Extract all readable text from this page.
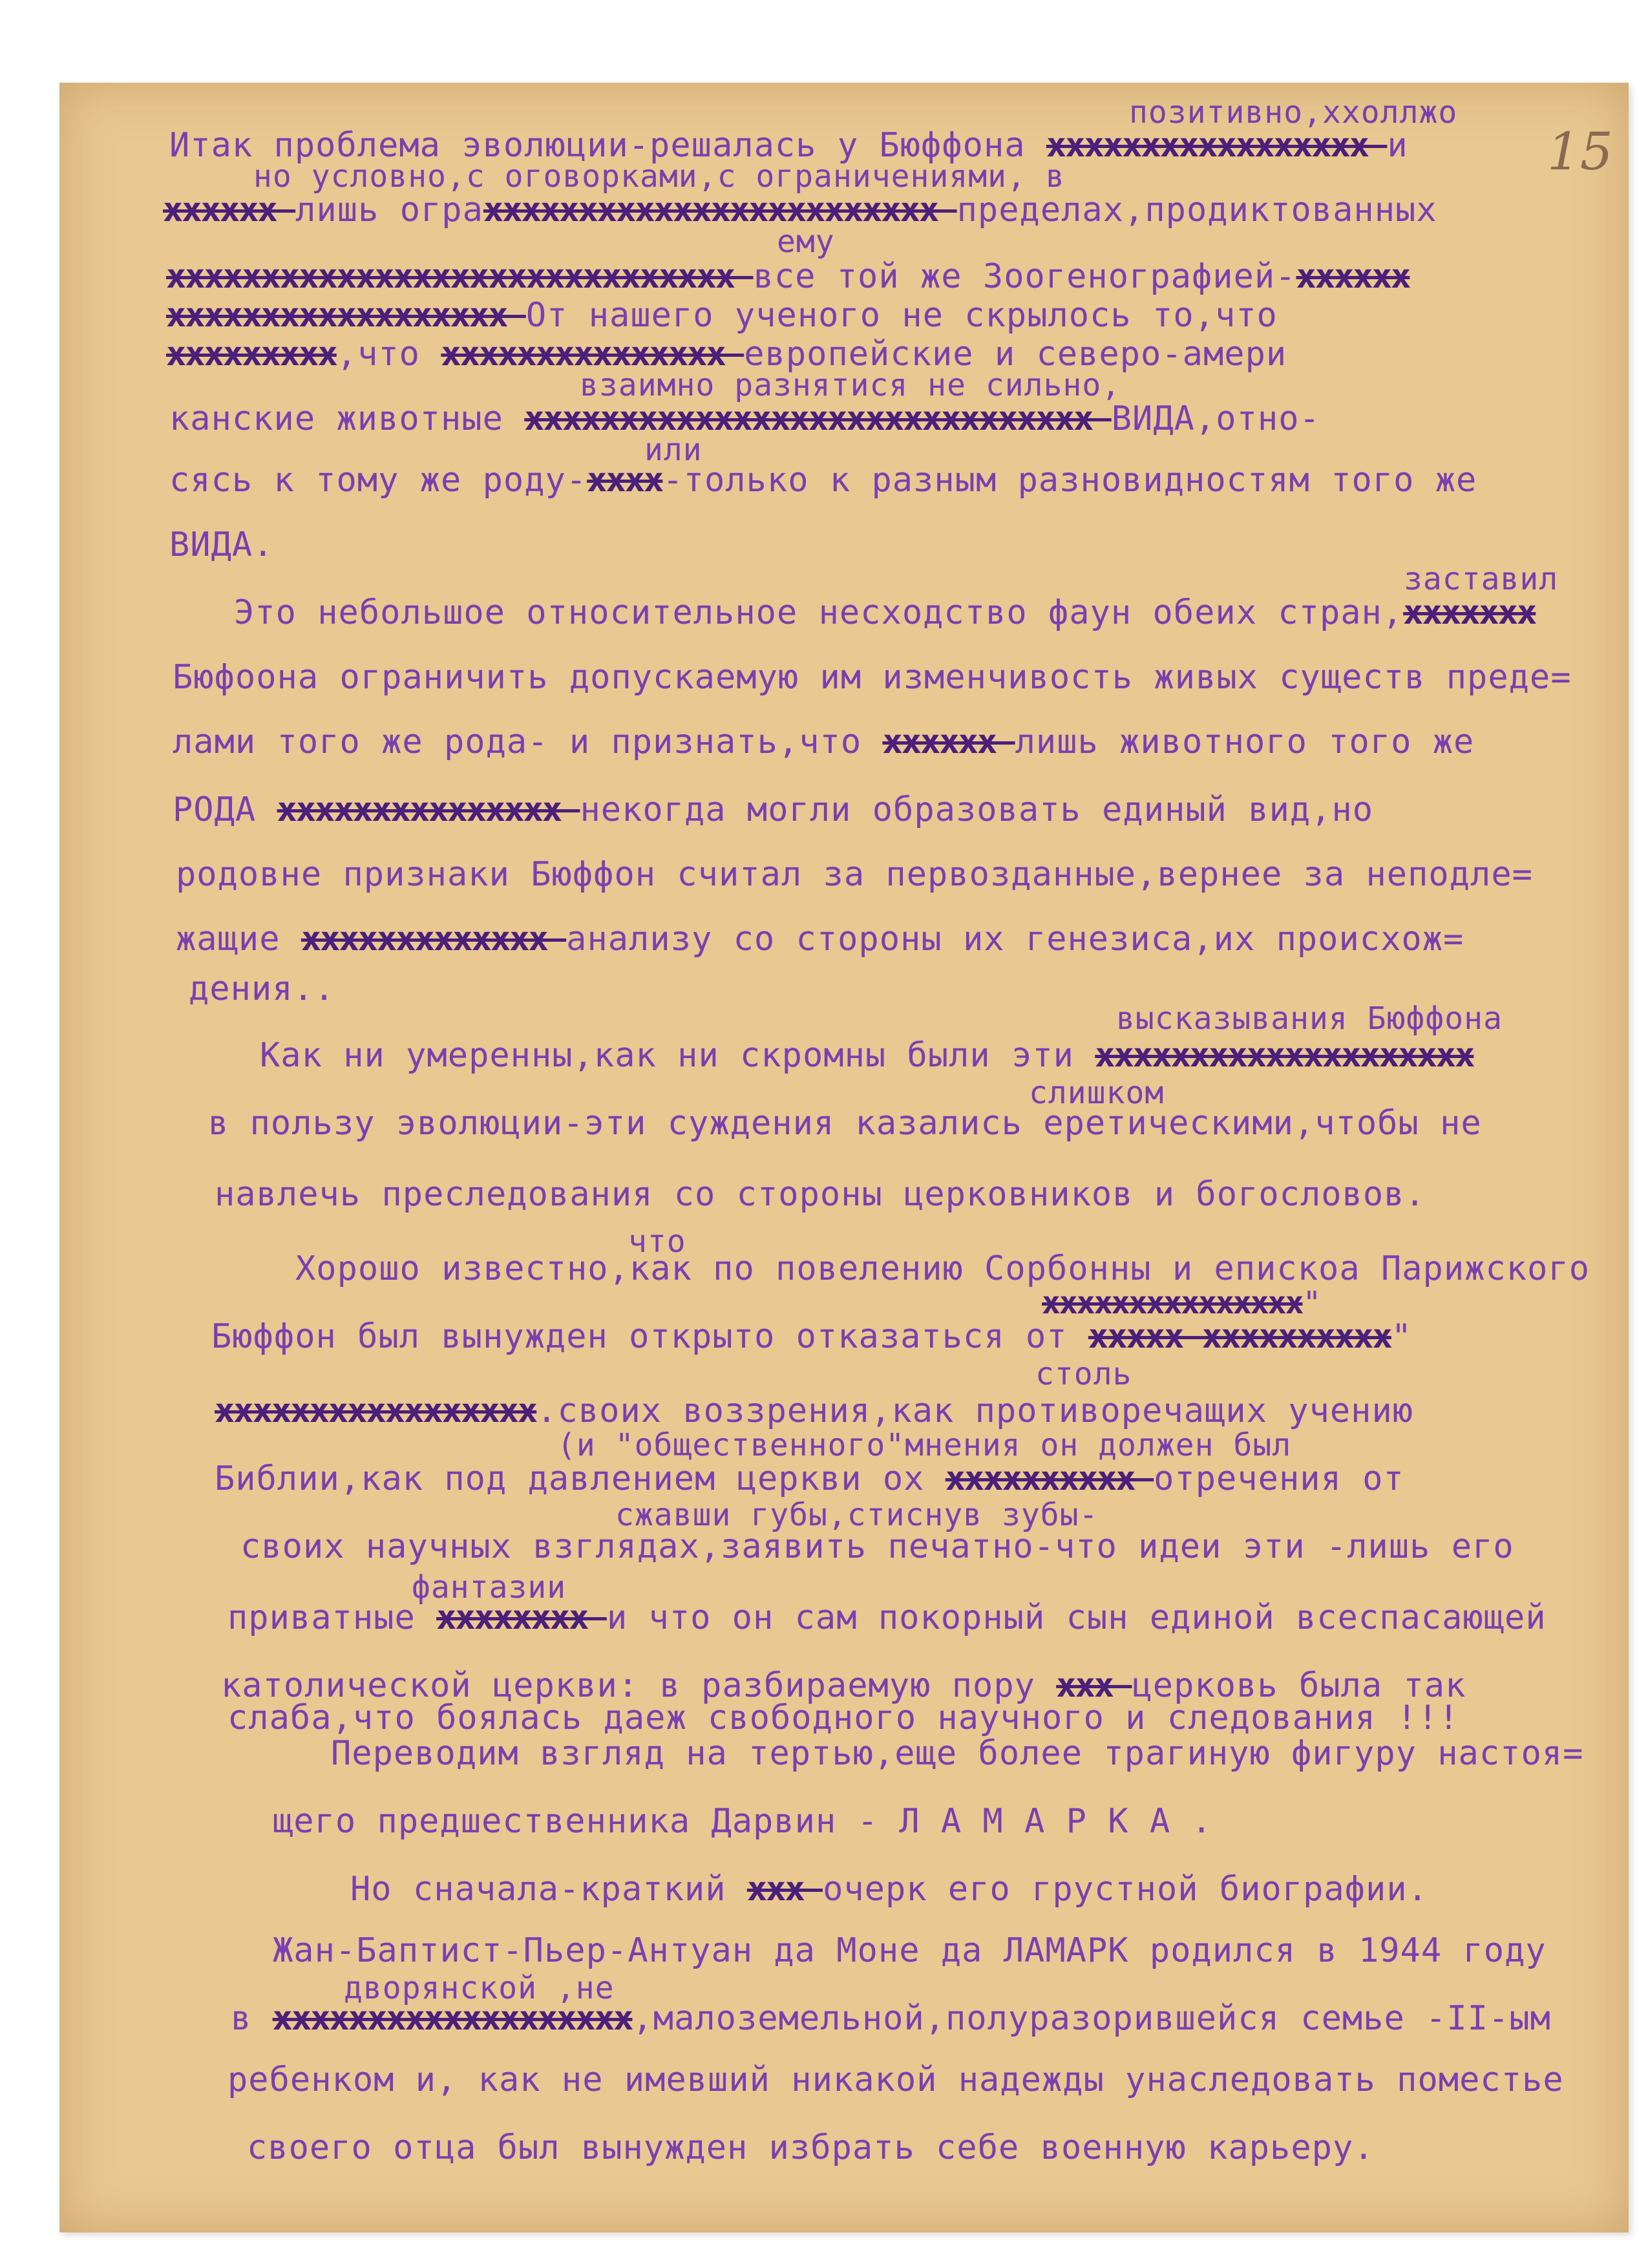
15
позитивно,ххоллжо
Итак проблема эволюции-решалась у Бюффона ххххххххххххххххх и
но условно,с оговорками,с ограничениями, в
хххххх лишь ограхххххххххххххххххххххххх пределах,продиктованных
ему
хххххххххххххххххххххххххххххх все той же Зоогенографией-хххххх
хххххххххххххххххх От нашего ученого не скрылось то,что
ххххххххх,что ххххххххххххххх европейские и северо-амери
взаимно разнятися не сильно,
канские животные хххххххххххххххххххххххххххххх ВИДА,отно-
или
сясь к тому же роду-хххх-только к разным разновидностям того же
ВИДА.
заставил
Это небольшое относительное несходство фаун обеих стран,ххххххх
Бюфоона ограничить допускаемую им изменчивость живых существ преде=
лами того же рода- и признать,что хххххх лишь животного того же
РОДА ххххххххххххххх некогда могли образовать единый вид,но
родовне признаки Бюффон считал за первозданные,вернее за неподле=
жащие ххххххххххххх анализу со стороны их генезиса,их происхож=
дения..
высказывания Бюффона
Как ни умеренны,как ни скромны были эти хххххххххххххххххххх
слишком
в пользу эволюции-эти суждения казались еретическими,чтобы не
навлечь преследования со стороны церковников и богословов.
что
Хорошо известно,как по повелению Сорбонны и епискоа Парижского
ххххххххххххххх"
Бюффон был вынужден открыто отказаться от ххххх хххххххххх"
столь
ххххххххххххххххх.своих воззрения,как противоречащих учению
(и "общественного"мнения он должен был
Библии,как под давлением церкви ох хххххххххх отречения от
сжавши губы,стиснув зубы-
своих научных взглядах,заявить печатно-что идеи эти -лишь его
фантазии
приватные хххххххх и что он сам покорный сын единой всеспасающей
католической церкви: в разбираемую пору ххх церковь была так
слаба,что боялась даеж свободного научного и следования !!!
Переводим взгляд на тертью,еще более трагиную фигуру настоя=
щего предшественника Дарвин - Л А М А Р К А .
Но сначала-краткий ххх очерк его грустной биографии.
Жан-Баптист-Пьер-Антуан да Моне да ЛАМАРК родился в 1944 году
дворянской ,не
в ххххххххххххххххххх,малоземельной,полуразорившейся семье -II-ым
ребенком и, как не имевший никакой надежды унаследовать поместье
своего отца был вынужден избрать себе военную карьеру.
